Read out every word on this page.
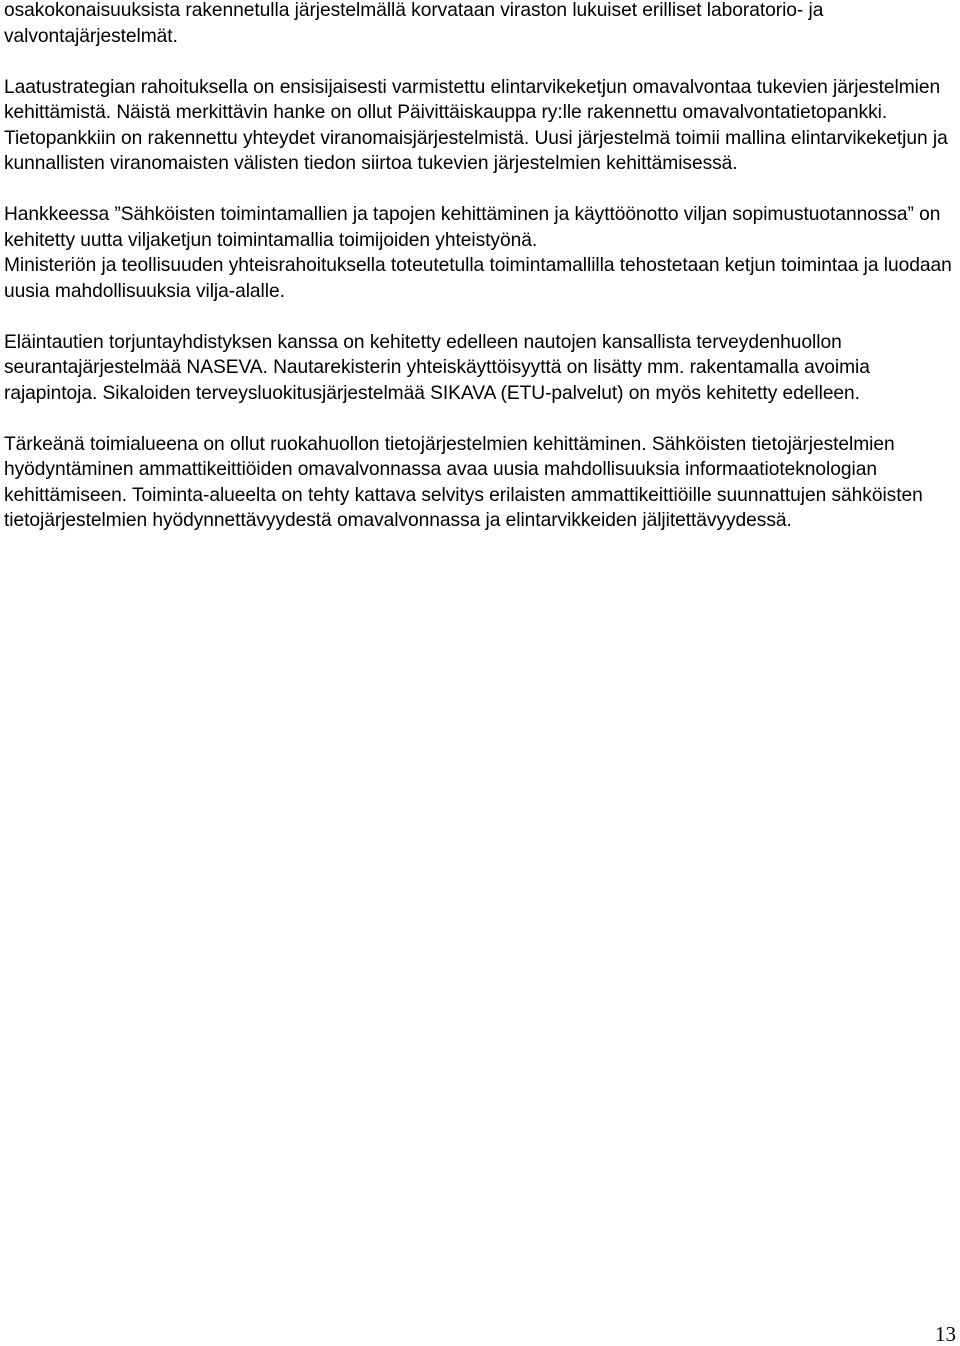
osakokonaisuuksista rakennetulla järjestelmällä korvataan viraston lukuiset erilliset laboratorio- ja valvontajärjestelmät.

Laatustrategian rahoituksella on ensisijaisesti varmistettu elintarvikeketjun omavalvontaa tukevien järjestelmien kehittämistä. Näistä merkittävin hanke on ollut Päivittäiskauppa ry:lle rakennettu omavalvontatietopankki. Tietopankkiin on rakennettu yhteydet viranomaisjärjestelmistä. Uusi järjestelmä toimii mallina elintarvikeketjun ja kunnallisten viranomaisten välisten tiedon siirtoa tukevien järjestelmien kehittämisessä.

Hankkeessa ”Sähköisten toimintamallien ja tapojen kehittäminen ja käyttöönotto viljan sopimustuotannossa” on kehitetty uutta viljaketjun toimintamallia toimijoiden yhteistyönä.

Ministeriön ja teollisuuden yhteisrahoituksella toteutetulla toimintamallilla tehostetaan ketjun toimintaa ja luodaan uusia mahdollisuuksia vilja-alalle.

Eläintautien torjuntayhdistyksen kanssa on kehitetty edelleen nautojen kansallista terveydenhuollon seurantajärjestelmää NASEVA. Nautarekisterin yhteiskäyttöisyyttä on lisätty mm. rakentamalla avoimia rajapintoja. Sikaloiden terveysluokitusjärjestelmää SIKAVA (ETU-palvelut) on myös kehitetty edelleen.

Tärkeänä toimialueena on ollut ruokahuollon tietojärjestelmien kehittäminen. Sähköisten tietojärjestelmien hyödyntäminen ammattikeittiöiden omavalvonnassa avaa uusia mahdollisuuksia informaatioteknologian kehittämiseen. Toiminta-alueelta on tehty kattava selvitys erilaisten ammattikeittiöille suunnattujen sähköisten tietojärjestelmien hyödynnettävyydestä omavalvonnassa ja elintarvikkeiden jäljitettävyydessä.

13
